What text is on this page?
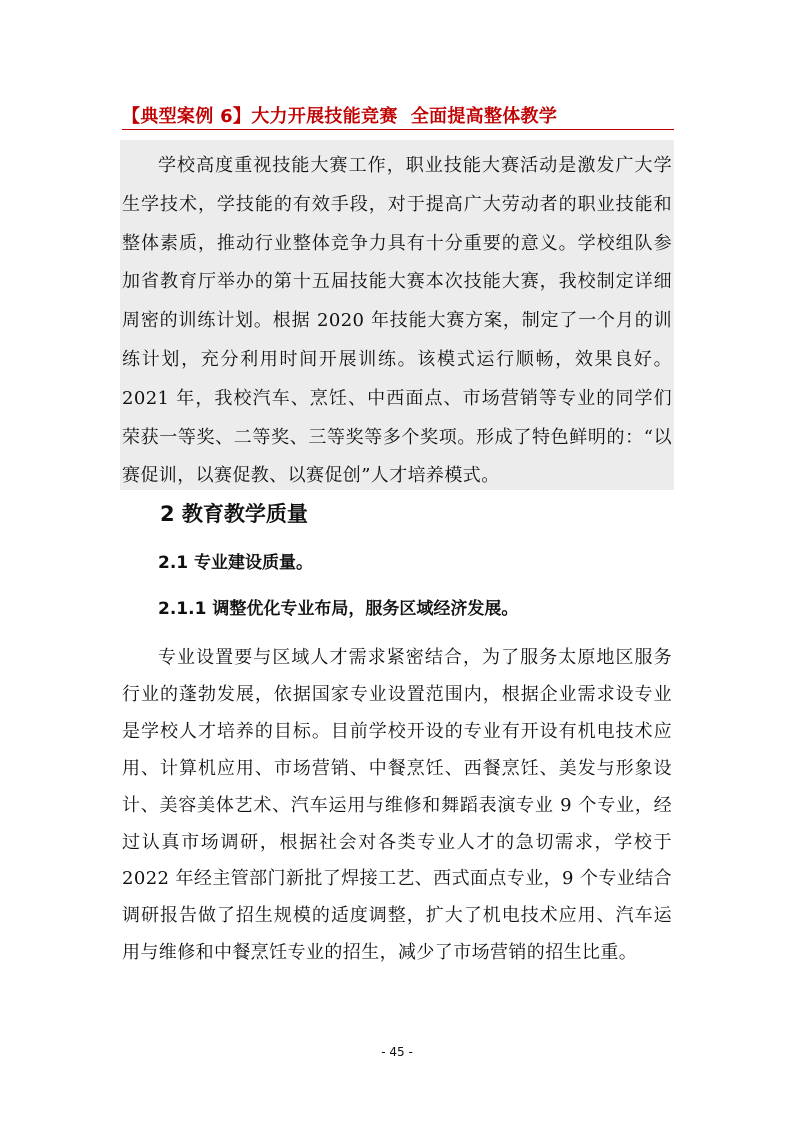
【典型案例 6】大力开展技能竞赛  全面提高整体教学

学校高度重视技能大赛工作，职业技能大赛活动是激发广大学生学技术，学技能的有效手段，对于提高广大劳动者的职业技能和整体素质，推动行业整体竞争力具有十分重要的意义。学校组队参加省教育厅举办的第十五届技能大赛本次技能大赛，我校制定详细周密的训练计划。根据 2020 年技能大赛方案，制定了一个月的训练计划，充分利用时间开展训练。该模式运行顺畅，效果良好。2021 年，我校汽车、烹饪、中西面点、市场营销等专业的同学们荣获一等奖、二等奖、三等奖等多个奖项。形成了特色鲜明的：“以赛促训，以赛促教、以赛促创”人才培养模式。

2 教育教学质量
2.1 专业建设质量。
2.1.1 调整优化专业布局，服务区域经济发展。

专业设置要与区域人才需求紧密结合，为了服务太原地区服务行业的蓬勃发展，依据国家专业设置范围内，根据企业需求设专业是学校人才培养的目标。目前学校开设的专业有开设有机电技术应用、计算机应用、市场营销、中餐烹饪、西餐烹饪、美发与形象设计、美容美体艺术、汽车运用与维修和舞蹈表演专业 9 个专业，经过认真市场调研，根据社会对各类专业人才的急切需求，学校于 2022 年经主管部门新批了焊接工艺、西式面点专业，9 个专业结合调研报告做了招生规模的适度调整，扩大了机电技术应用、汽车运用与维修和中餐烹饪专业的招生，减少了市场营销的招生比重。

- 45 -
